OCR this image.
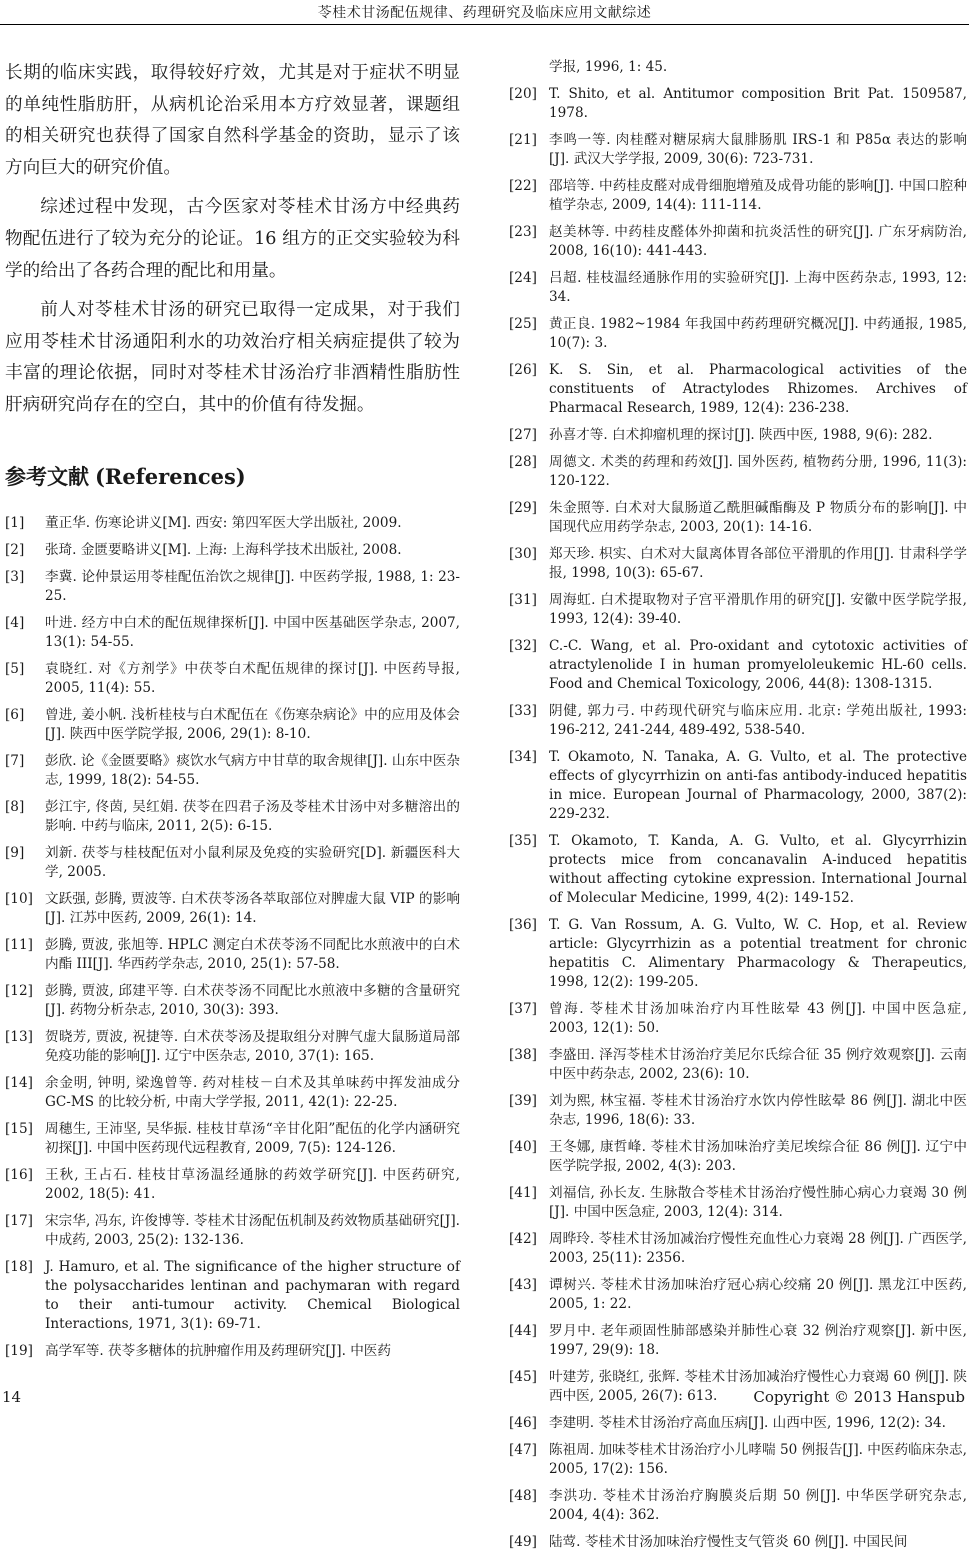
苓桂术甘汤配伍规律、药理研究及临床应用文献综述

长期的临床实践，取得较好疗效，尤其是对于症状不明显的单纯性脂肪肝，从病机论治采用本方疗效显著，课题组的相关研究也获得了国家自然科学基金的资助，显示了该方向巨大的研究价值。

综述过程中发现，古今医家对苓桂术甘汤方中经典药物配伍进行了较为充分的论证。16 组方的正交实验较为科学的给出了各药合理的配比和用量。

前人对苓桂术甘汤的研究已取得一定成果，对于我们应用苓桂术甘汤通阳利水的功效治疗相关病症提供了较为丰富的理论依据，同时对苓桂术甘汤治疗非酒精性脂肪性肝病研究尚存在的空白，其中的价值有待发掘。

参考文献 (References)
[1] 董正华. 伤寒论讲义[M]. 西安: 第四军医大学出版社, 2009.
[2] 张琦. 金匮要略讲义[M]. 上海: 上海科学技术出版社, 2008.
[3] 李冀. 论仲景运用苓桂配伍治饮之规律[J]. 中医药学报, 1988, 1: 23-25.
[4] 叶进. 经方中白术的配伍规律探析[J]. 中国中医基础医学杂志, 2007, 13(1): 54-55.
[5] 袁晓红. 对《方剂学》中茯苓白术配伍规律的探讨[J]. 中医药导报, 2005, 11(4): 55.
[6] 曾进, 姜小帆. 浅析桂枝与白术配伍在《伤寒杂病论》中的应用及体会[J]. 陕西中医学院学报, 2006, 29(1): 8-10.
[7] 彭欣. 论《金匮要略》痰饮水气病方中甘草的取舍规律[J]. 山东中医杂志, 1999, 18(2): 54-55.
[8] 彭江宇, 佟茵, 吴红娟. 茯苓在四君子汤及苓桂术甘汤中对多糖溶出的影响. 中药与临床, 2011, 2(5): 6-15.
[9] 刘新. 茯苓与桂枝配伍对小鼠利尿及免疫的实验研究[D]. 新疆医科大学, 2005.
[10] 文跃强, 彭腾, 贾波等. 白术茯苓汤各萃取部位对脾虚大鼠 VIP 的影响[J]. 江苏中医药, 2009, 26(1): 14.
[11] 彭腾, 贾波, 张旭等. HPLC 测定白术茯苓汤不同配比水煎液中的白术内酯 III[J]. 华西药学杂志, 2010, 25(1): 57-58.
[12] 彭腾, 贾波, 邱建平等. 白术茯苓汤不同配比水煎液中多糖的含量研究[J]. 药物分析杂志, 2010, 30(3): 393.
[13] 贺晓芳, 贾波, 祝捷等. 白术茯苓汤及提取组分对脾气虚大鼠肠道局部免疫功能的影响[J]. 辽宁中医杂志, 2010, 37(1): 165.
[14] 余金明, 钟明, 梁逸曾等. 药对桂枝－白术及其单味药中挥发油成分 GC-MS 的比较分析, 中南大学学报, 2011, 42(1): 22-25.
[15] 周穗生, 王沛坚, 吴华振. 桂枝甘草汤“辛甘化阳”配伍的化学内涵研究初探[J]. 中国中医药现代远程教育, 2009, 7(5): 124-126.
[16] 王秋, 王占石. 桂枝甘草汤温经通脉的药效学研究[J]. 中医药研究, 2002, 18(5): 41.
[17] 宋宗华, 冯东, 许俊博等. 苓桂术甘汤配伍机制及药效物质基础研究[J]. 中成药, 2003, 25(2): 132-136.
[18] J. Hamuro, et al. The significance of the higher structure of the polysaccharides lentinan and pachymaran with regard to their anti-tumour activity. Chemical Biological Interactions, 1971, 3(1): 69-71.
[19] 高学军等. 茯苓多糖体的抗肿瘤作用及药理研究[J]. 中医药
学报, 1996, 1: 45.
[20] T. Shito, et al. Antitumor composition Brit Pat. 1509587, 1978.
[21] 李鸣一等. 肉桂醛对糖尿病大鼠腓肠肌 IRS-1 和 P85α 表达的影响[J]. 武汉大学学报, 2009, 30(6): 723-731.
[22] 邵培等. 中药桂皮醛对成骨细胞增殖及成骨功能的影响[J]. 中国口腔种植学杂志, 2009, 14(4): 111-114.
[23] 赵美林等. 中药桂皮醛体外抑菌和抗炎活性的研究[J]. 广东牙病防治, 2008, 16(10): 441-443.
[24] 吕超. 桂枝温经通脉作用的实验研究[J]. 上海中医药杂志, 1993, 12: 34.
[25] 黄正良. 1982~1984 年我国中药药理研究概况[J]. 中药通报, 1985, 10(7): 3.
[26] K. S. Sin, et al. Pharmacological activities of the constituents of Atractylodes Rhizomes. Archives of Pharmacal Research, 1989, 12(4): 236-238.
[27] 孙喜才等. 白术抑瘤机理的探讨[J]. 陕西中医, 1988, 9(6): 282.
[28] 周德文. 术类的药理和药效[J]. 国外医药, 植物药分册, 1996, 11(3): 120-122.
[29] 朱金照等. 白术对大鼠肠道乙酰胆碱酯酶及 P 物质分布的影响[J]. 中国现代应用药学杂志, 2003, 20(1): 14-16.
[30] 郑天珍. 枳实、白术对大鼠离体胃各部位平滑肌的作用[J]. 甘肃科学学报, 1998, 10(3): 65-67.
[31] 周海虹. 白术提取物对子宫平滑肌作用的研究[J]. 安徽中医学院学报, 1993, 12(4): 39-40.
[32] C.-C. Wang, et al. Pro-oxidant and cytotoxic activities of atractylenolide I in human promyeloleukemic HL-60 cells. Food and Chemical Toxicology, 2006, 44(8): 1308-1315.
[33] 阴健, 郭力弓. 中药现代研究与临床应用. 北京: 学苑出版社, 1993: 196-212, 241-244, 489-492, 538-540.
[34] T. Okamoto, N. Tanaka, A. G. Vulto, et al. The protective effects of glycyrrhizin on anti-fas antibody-induced hepatitis in mice. European Journal of Pharmacology, 2000, 387(2): 229-232.
[35] T. Okamoto, T. Kanda, A. G. Vulto, et al. Glycyrrhizin protects mice from concanavalin A-induced hepatitis without affecting cytokine expression. International Journal of Molecular Medicine, 1999, 4(2): 149-152.
[36] T. G. Van Rossum, A. G. Vulto, W. C. Hop, et al. Review article: Glycyrrhizin as a potential treatment for chronic hepatitis C. Alimentary Pharmacology & Therapeutics, 1998, 12(2): 199-205.
[37] 曾海. 苓桂术甘汤加味治疗内耳性眩晕 43 例[J]. 中国中医急症, 2003, 12(1): 50.
[38] 李盛田. 泽泻苓桂术甘汤治疗美尼尔氏综合征 35 例疗效观察[J]. 云南中医中药杂志, 2002, 23(6): 10.
[39] 刘为熙, 林宝福. 苓桂术甘汤治疗水饮内停性眩晕 86 例[J]. 湖北中医杂志, 1996, 18(6): 33.
[40] 王冬娜, 康哲峰. 苓桂术甘汤加味治疗美尼埃综合征 86 例[J]. 辽宁中医学院学报, 2002, 4(3): 203.
[41] 刘福信, 孙长友. 生脉散合苓桂术甘汤治疗慢性肺心病心力衰竭 30 例[J]. 中国中医急症, 2003, 12(4): 314.
[42] 周晔玲. 苓桂术甘汤加减治疗慢性充血性心力衰竭 28 例[J]. 广西医学, 2003, 25(11): 2356.
[43] 谭树兴. 苓桂术甘汤加味治疗冠心病心绞痛 20 例[J]. 黑龙江中医药, 2005, 1: 22.
[44] 罗月中. 老年顽固性肺部感染并肺性心衰 32 例治疗观察[J]. 新中医, 1997, 29(9): 18.
[45] 叶建芳, 张晓红, 张辉. 苓桂术甘汤加减治疗慢性心力衰竭 60 例[J]. 陕西中医, 2005, 26(7): 613.
[46] 李建明. 苓桂术甘汤治疗高血压病[J]. 山西中医, 1996, 12(2): 34.
[47] 陈祖周. 加味苓桂术甘汤治疗小儿哮喘 50 例报告[J]. 中医药临床杂志, 2005, 17(2): 156.
[48] 李洪功. 苓桂术甘汤治疗胸膜炎后期 50 例[J]. 中华医学研究杂志, 2004, 4(4): 362.
[49] 陆莺. 苓桂术甘汤加味治疗慢性支气管炎 60 例[J]. 中国民间
14	Copyright © 2013 Hanspub
